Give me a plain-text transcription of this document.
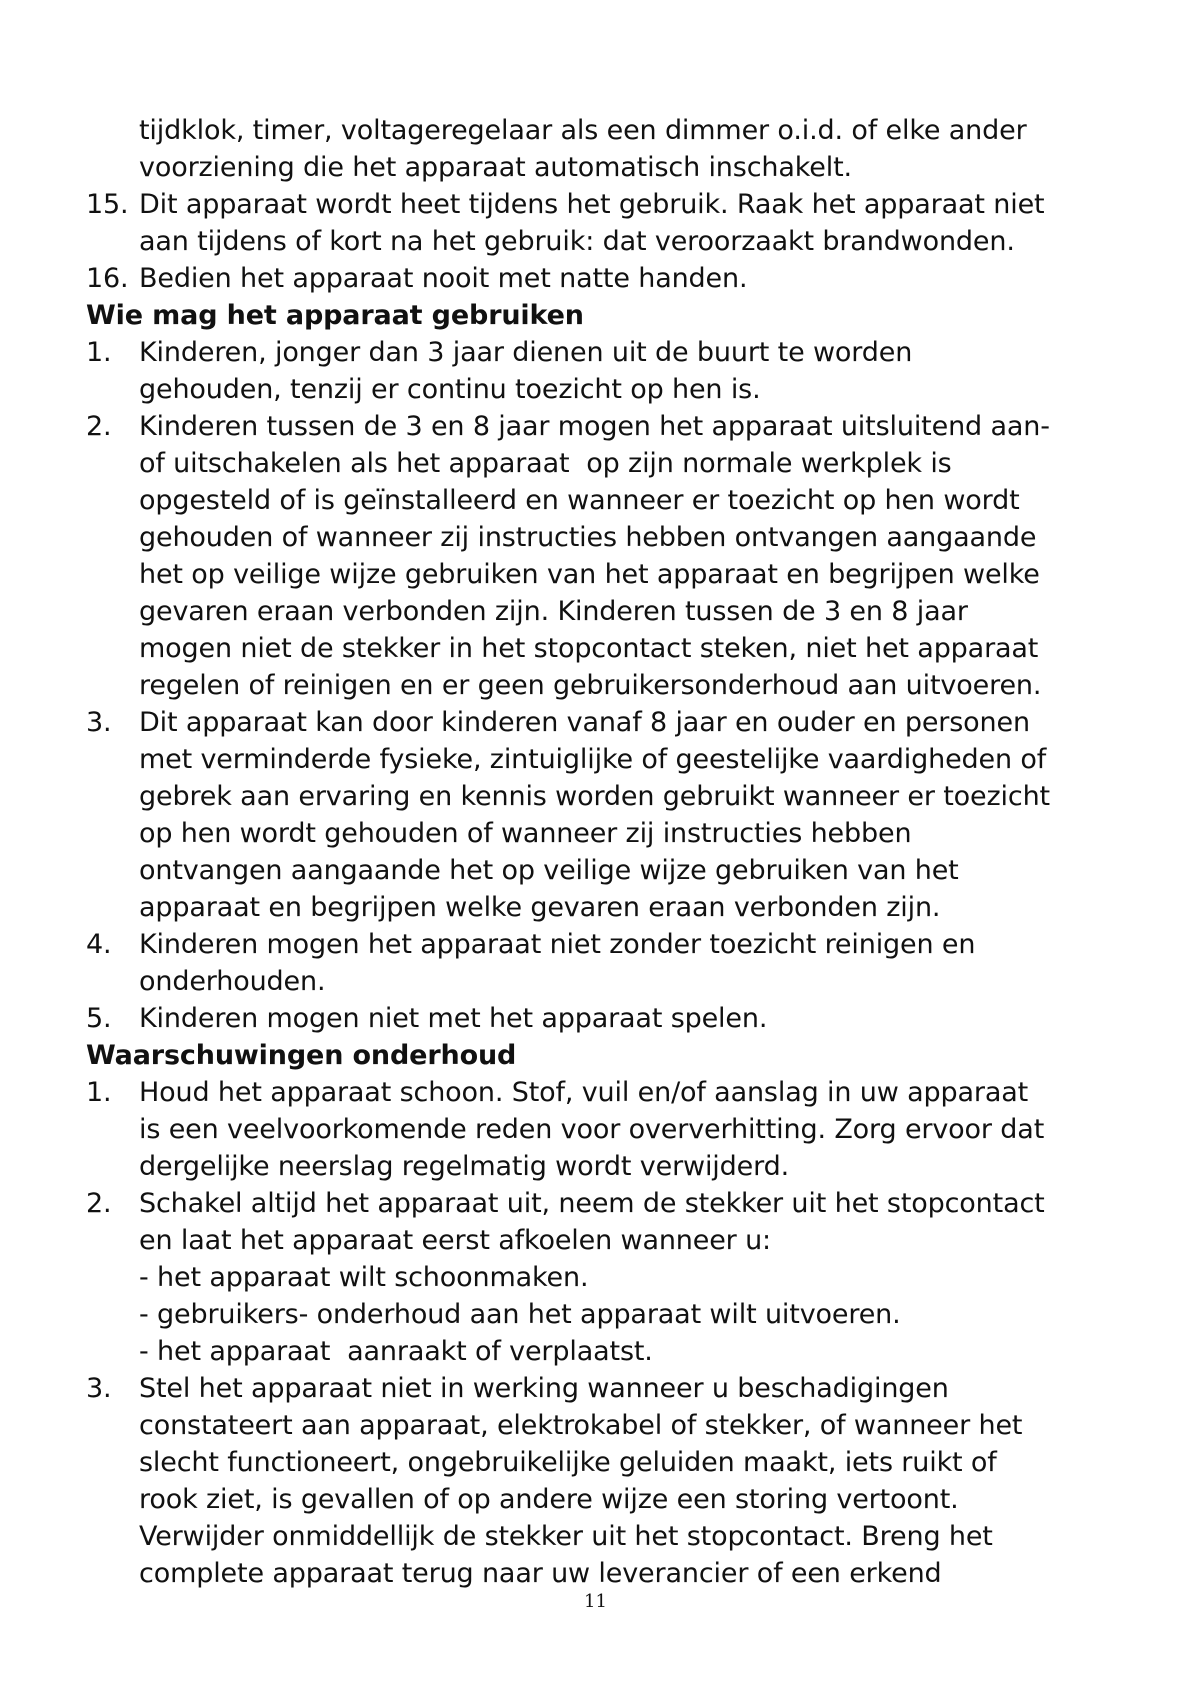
tijdklok, timer, voltageregelaar als een dimmer o.i.d. of elke ander
voorziening die het apparaat automatisch inschakelt.
15. Dit apparaat wordt heet tijdens het gebruik. Raak het apparaat niet
aan tijdens of kort na het gebruik: dat veroorzaakt brandwonden.
16. Bedien het apparaat nooit met natte handen.
Wie mag het apparaat gebruiken
1. Kinderen, jonger dan 3 jaar dienen uit de buurt te worden
gehouden, tenzij er continu toezicht op hen is.
2. Kinderen tussen de 3 en 8 jaar mogen het apparaat uitsluitend aan-
of uitschakelen als het apparaat  op zijn normale werkplek is
opgesteld of is geïnstalleerd en wanneer er toezicht op hen wordt
gehouden of wanneer zij instructies hebben ontvangen aangaande
het op veilige wijze gebruiken van het apparaat en begrijpen welke
gevaren eraan verbonden zijn. Kinderen tussen de 3 en 8 jaar
mogen niet de stekker in het stopcontact steken, niet het apparaat
regelen of reinigen en er geen gebruikersonderhoud aan uitvoeren.
3. Dit apparaat kan door kinderen vanaf 8 jaar en ouder en personen
met verminderde fysieke, zintuiglijke of geestelijke vaardigheden of
gebrek aan ervaring en kennis worden gebruikt wanneer er toezicht
op hen wordt gehouden of wanneer zij instructies hebben
ontvangen aangaande het op veilige wijze gebruiken van het
apparaat en begrijpen welke gevaren eraan verbonden zijn.
4. Kinderen mogen het apparaat niet zonder toezicht reinigen en
onderhouden.
5. Kinderen mogen niet met het apparaat spelen.
Waarschuwingen onderhoud
1. Houd het apparaat schoon. Stof, vuil en/of aanslag in uw apparaat
is een veelvoorkomende reden voor oververhitting. Zorg ervoor dat
dergelijke neerslag regelmatig wordt verwijderd.
2. Schakel altijd het apparaat uit, neem de stekker uit het stopcontact
en laat het apparaat eerst afkoelen wanneer u:
- het apparaat wilt schoonmaken.
- gebruikers- onderhoud aan het apparaat wilt uitvoeren.
- het apparaat  aanraakt of verplaatst.
3. Stel het apparaat niet in werking wanneer u beschadigingen
constateert aan apparaat, elektrokabel of stekker, of wanneer het
slecht functioneert, ongebruikelijke geluiden maakt, iets ruikt of
rook ziet, is gevallen of op andere wijze een storing vertoont.
Verwijder onmiddellijk de stekker uit het stopcontact. Breng het
complete apparaat terug naar uw leverancier of een erkend
11
